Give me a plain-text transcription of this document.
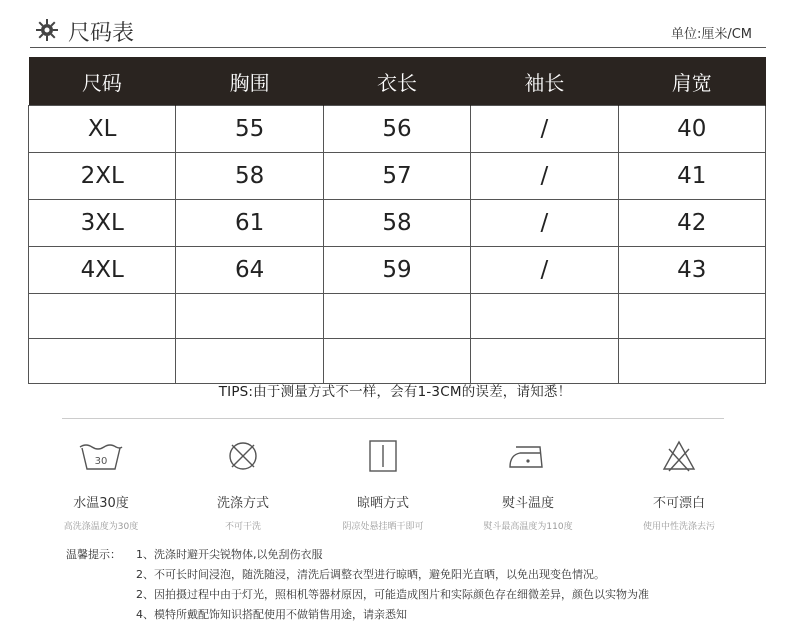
尺码表	单位:厘米/CM
尺码	胸围	衣长	袖长	肩宽
XL	55	56	/	40
2XL	58	57	/	41
3XL	61	58	/	42
4XL	64	59	/	43

TIPS:由于测量方式不一样，会有1-3CM的误差，请知悉！
30
水温30度
高洗涤温度为30度
洗涤方式
不可干洗
晾晒方式
阴凉处悬挂晒干即可
熨斗温度
熨斗最高温度为110度
不可漂白
使用中性洗涤去污
温馨提示：	1、洗涤时避开尖锐物体,以免刮伤衣服
2、不可长时间浸泡，随洗随浸，清洗后调整衣型进行晾晒，避免阳光直晒，以免出现变色情况。
2、因拍摄过程中由于灯光，照相机等器材原因，可能造成图片和实际颜色存在细微差异，颜色以实物为准
4、模特所戴配饰知识搭配使用不做销售用途，请亲悉知
